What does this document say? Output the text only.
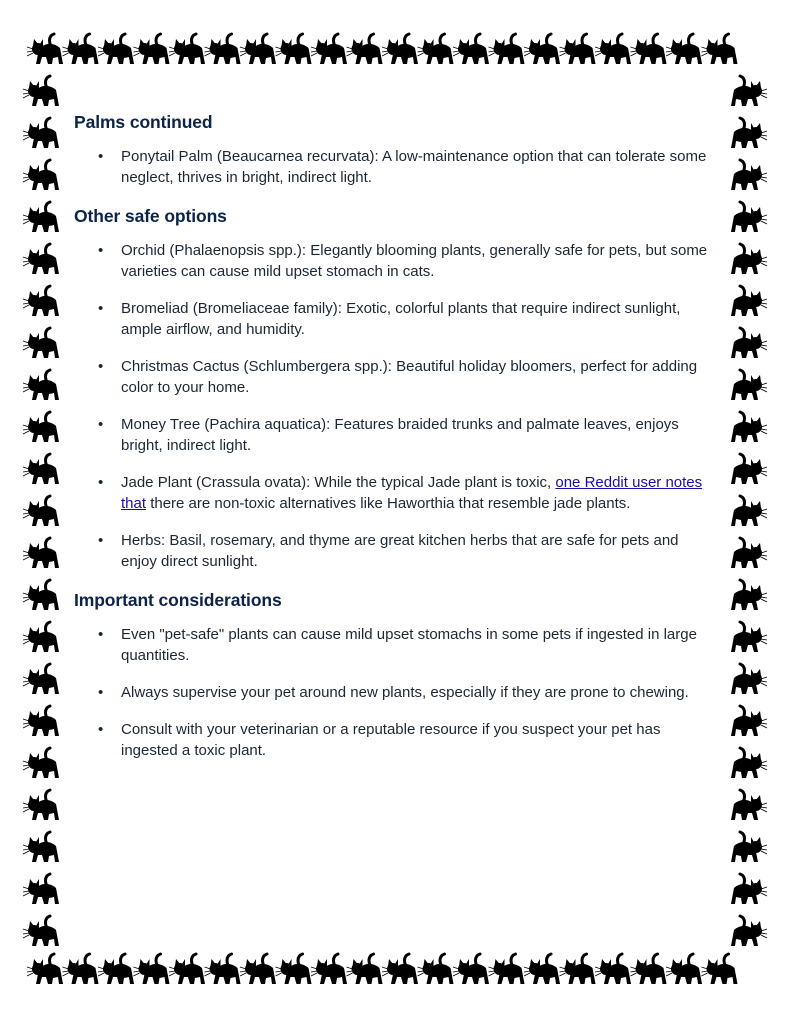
Palms continued
• Ponytail Palm (Beaucarnea recurvata): A low-maintenance option that can tolerate some neglect, thrives in bright, indirect light.
Other safe options
• Orchid (Phalaenopsis spp.): Elegantly blooming plants, generally safe for pets, but some varieties can cause mild upset stomach in cats.
• Bromeliad (Bromeliaceae family): Exotic, colorful plants that require indirect sunlight, ample airflow, and humidity.
• Christmas Cactus (Schlumbergera spp.): Beautiful holiday bloomers, perfect for adding color to your home.
• Money Tree (Pachira aquatica): Features braided trunks and palmate leaves, enjoys bright, indirect light.
• Jade Plant (Crassula ovata): While the typical Jade plant is toxic, one Reddit user notes that there are non-toxic alternatives like Haworthia that resemble jade plants.
• Herbs: Basil, rosemary, and thyme are great kitchen herbs that are safe for pets and enjoy direct sunlight.
Important considerations
• Even "pet-safe" plants can cause mild upset stomachs in some pets if ingested in large quantities.
• Always supervise your pet around new plants, especially if they are prone to chewing.
• Consult with your veterinarian or a reputable resource if you suspect your pet has ingested a toxic plant.
